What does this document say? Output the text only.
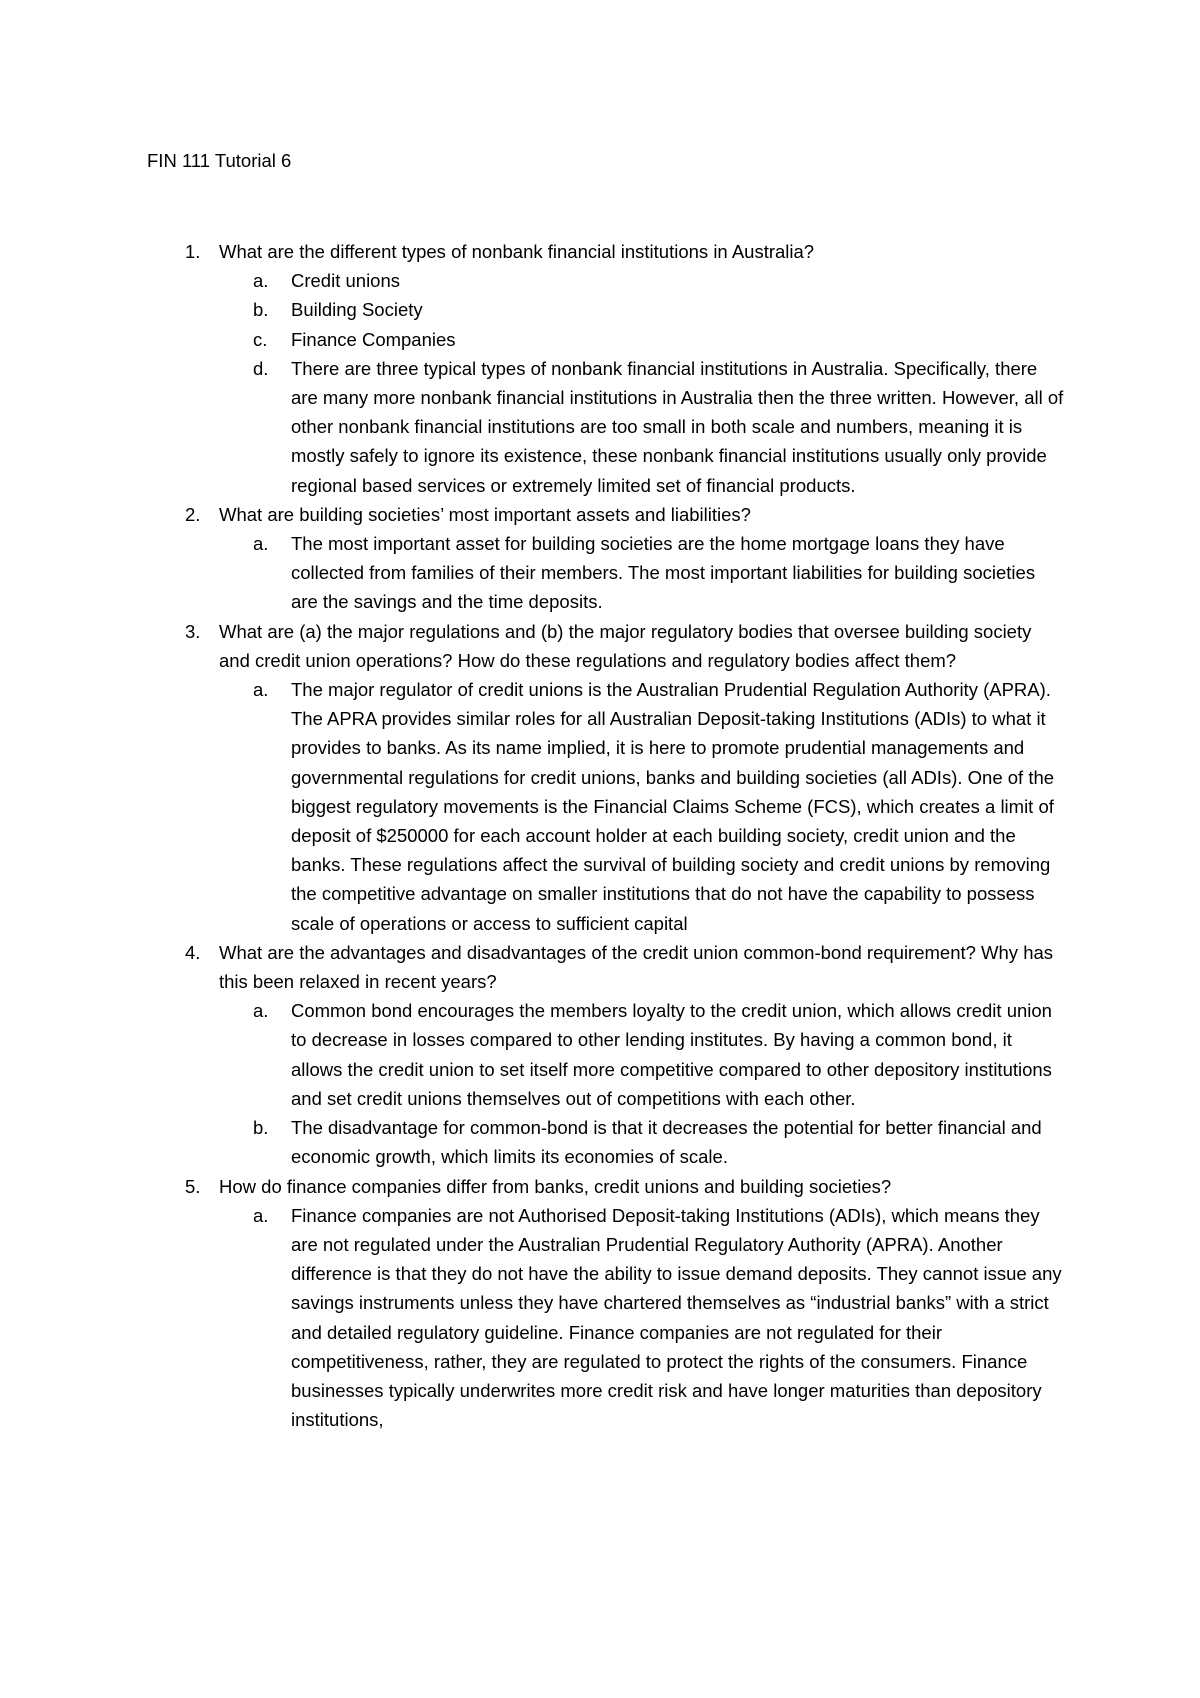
FIN 111 Tutorial 6
1.	What are the different types of nonbank financial institutions in Australia?
a.	Credit unions
b.	Building Society
c.	Finance Companies
d.	There are three typical types of nonbank financial institutions in Australia. Specifically, there are many more nonbank financial institutions in Australia then the three written. However, all of other nonbank financial institutions are too small in both scale and numbers, meaning it is mostly safely to ignore its existence, these nonbank financial institutions usually only provide regional based services or extremely limited set of financial products.
2.	What are building societies’ most important assets and liabilities?
a.	The most important asset for building societies are the home mortgage loans they have collected from families of their members. The most important liabilities for building societies are the savings and the time deposits.
3.	What are (a) the major regulations and (b) the major regulatory bodies that oversee building society and credit union operations? How do these regulations and regulatory bodies affect them?
a.	The major regulator of credit unions is the Australian Prudential Regulation Authority (APRA). The APRA provides similar roles for all Australian Deposit-taking Institutions (ADIs) to what it provides to banks. As its name implied, it is here to promote prudential managements and governmental regulations for credit unions, banks and building societies (all ADIs). One of the biggest regulatory movements is the Financial Claims Scheme (FCS), which creates a limit of deposit of $250000 for each account holder at each building society, credit union and the banks. These regulations affect the survival of building society and credit unions by removing the competitive advantage on smaller institutions that do not have the capability to possess scale of operations or access to sufficient capital
4.	What are the advantages and disadvantages of the credit union common-bond requirement? Why has this been relaxed in recent years?
a.	Common bond encourages the members loyalty to the credit union, which allows credit union to decrease in losses compared to other lending institutes. By having a common bond, it allows the credit union to set itself more competitive compared to other depository institutions and set credit unions themselves out of competitions with each other.
b.	The disadvantage for common-bond is that it decreases the potential for better financial and economic growth, which limits its economies of scale.
5.	How do finance companies differ from banks, credit unions and building societies?
a.	Finance companies are not Authorised Deposit-taking Institutions (ADIs), which means they are not regulated under the Australian Prudential Regulatory Authority (APRA). Another difference is that they do not have the ability to issue demand deposits. They cannot issue any savings instruments unless they have chartered themselves as “industrial banks” with a strict and detailed regulatory guideline. Finance companies are not regulated for their competitiveness, rather, they are regulated to protect the rights of the consumers. Finance businesses typically underwrites more credit risk and have longer maturities than depository institutions,
